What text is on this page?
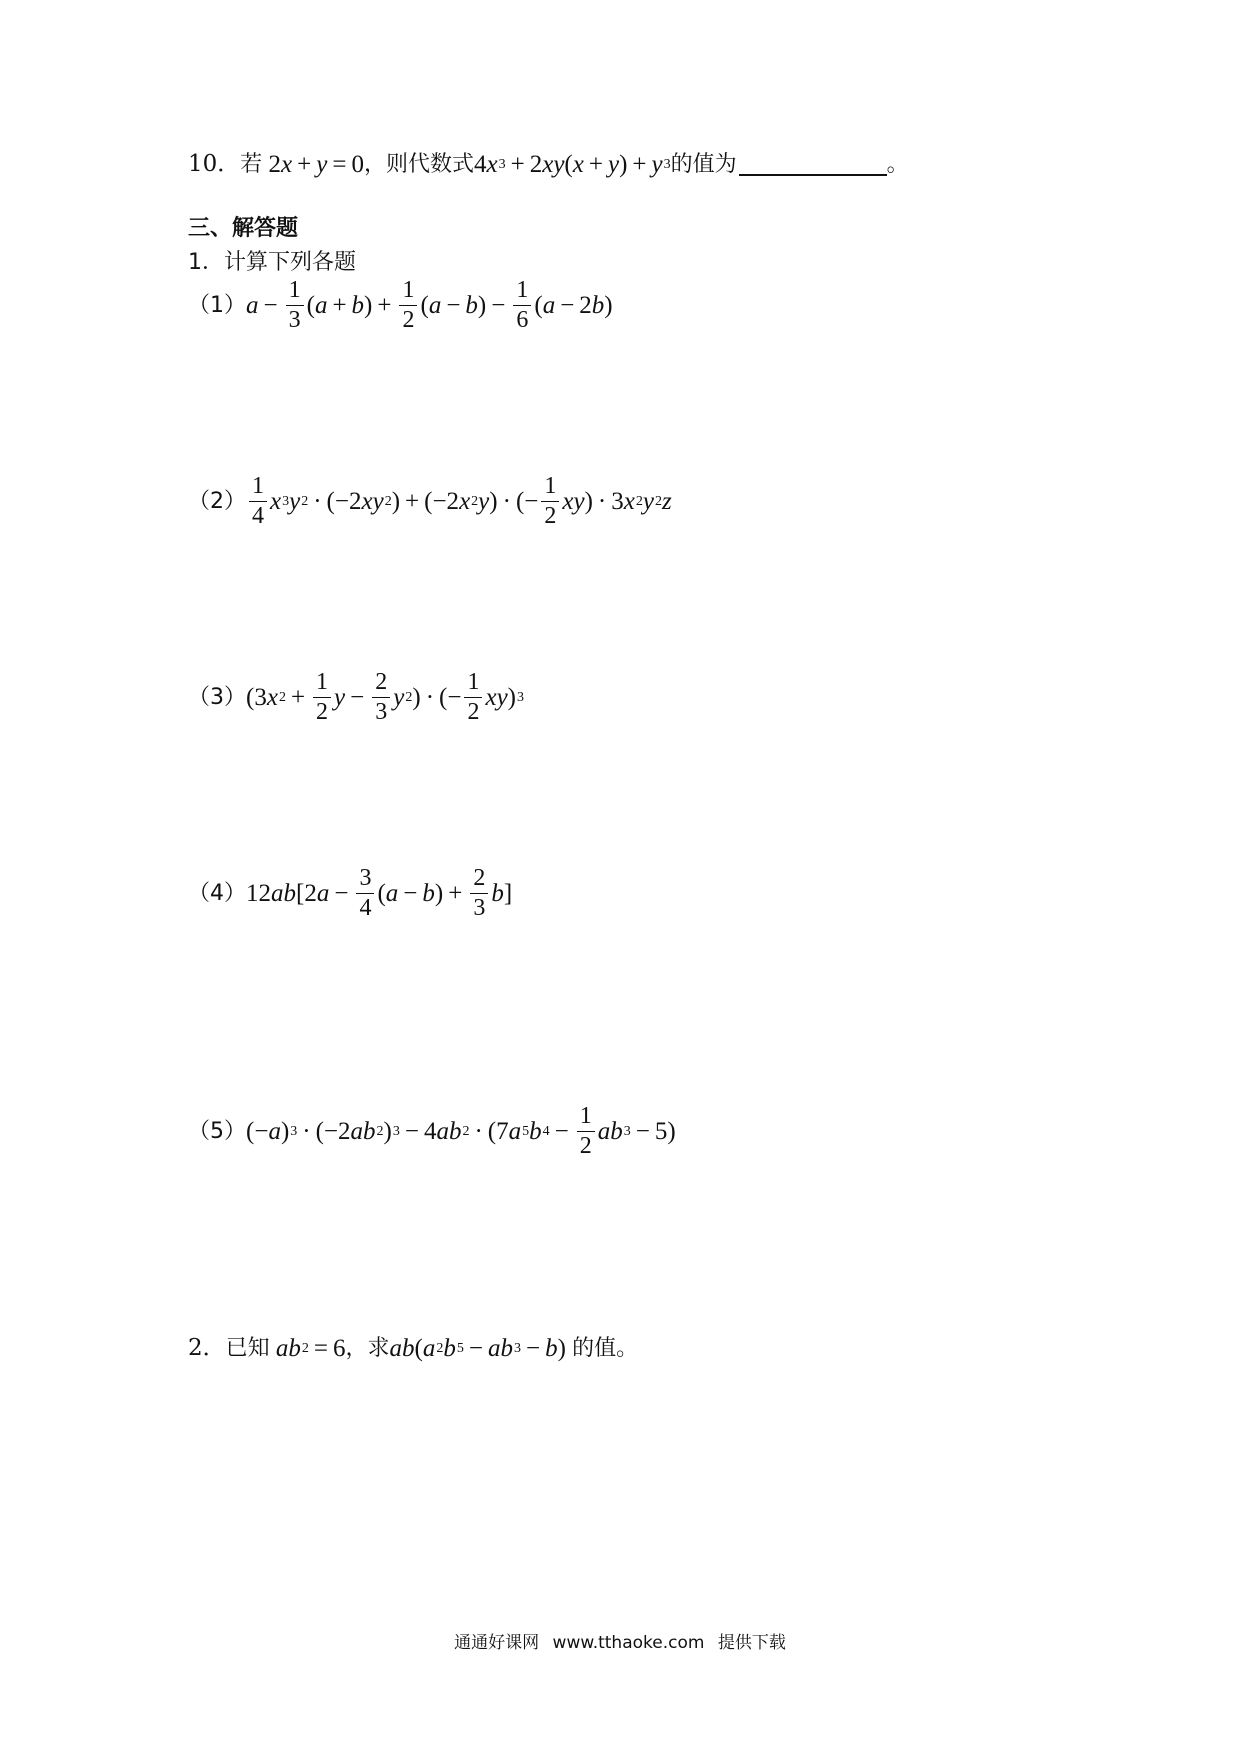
10． 若 2 x + y = 0 ，则代数式 4 x 3 + 2 xy ( x + y ) + y 3 的值为	。
三、解答题
1．计算下列各题
（1） $a - \frac{1}{3}$ ( a + b ) + $\frac{1}{2}$ ( a − b ) − $\frac{1}{6}$ ( a − 2 b )
$(2) \frac{1}{4}$ x 3 y 2 · (−2 xy 2 ) + (−2 x 2 y ) · (− $\frac{1}{2}$ xy ) · 3 x 2 y 2 z
（3） (3 x $2 + \frac{1}{2}$ $y - \frac{2}{3}$ y 2 ) · (− $\frac{1}{2}$ xy ) 3
（4） 12 ab [2 $a - \frac{3}{4}$ ( a − b ) + $\frac{2}{3}$ b ]
（5） (− a ) 3 · (−2 ab 2 ) 3 − 4 ab 2 · (7 a 5 b $4 - \frac{1}{2}$ ab 3 − 5)
2． 已知
ab 2 = 6 ，求 ab ( a 2 b 5 − ab 3 − b ) 的值。
通通好课网 www.tthaoke.com 提供下载
